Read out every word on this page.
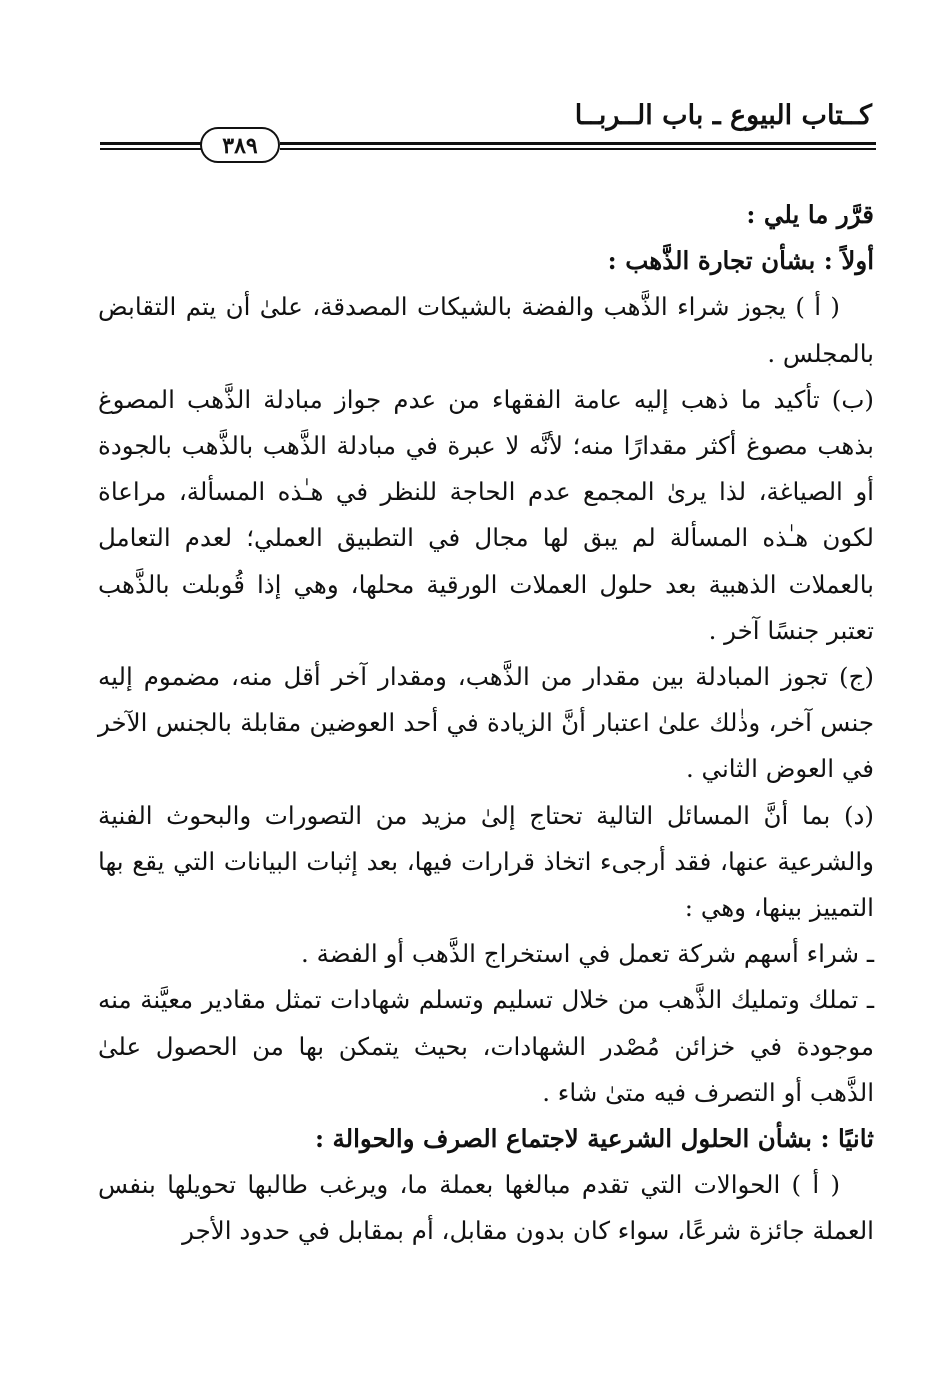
كــتاب البيوع ـ باب الــربــا
٣٨٩

قرَّر ما يلي :

أولاً : بشأن تجارة الذَّهب :

( أ ) يجوز شراء الذَّهب والفضة بالشيكات المصدقة، علىٰ أن يتم التقابض بالمجلس .

(ب) تأكيد ما ذهب إليه عامة الفقهاء من عدم جواز مبادلة الذَّهب المصوغ بذهب مصوغ أكثر مقدارًا منه؛ لأنَّه لا عبرة في مبادلة الذَّهب بالذَّهب بالجودة أو الصياغة، لذا يرىٰ المجمع عدم الحاجة للنظر في هـٰذه المسألة، مراعاة لكون هـٰذه المسألة لم يبق لها مجال في التطبيق العملي؛ لعدم التعامل بالعملات الذهبية بعد حلول العملات الورقية محلها، وهي إذا قُوبلت بالذَّهب تعتبر جنسًا آخر .

(ج) تجوز المبادلة بين مقدار من الذَّهب، ومقدار آخر أقل منه، مضموم إليه جنس آخر، وذٰلك علىٰ اعتبار أنَّ الزيادة في أحد العوضين مقابلة بالجنس الآخر في العوض الثاني .

(د) بما أنَّ المسائل التالية تحتاج إلىٰ مزيد من التصورات والبحوث الفنية والشرعية عنها، فقد أرجىء اتخاذ قرارات فيها، بعد إثبات البيانات التي يقع بها التمييز بينها، وهي :

ـ شراء أسهم شركة تعمل في استخراج الذَّهب أو الفضة .

ـ تملك وتمليك الذَّهب من خلال تسليم وتسلم شهادات تمثل مقادير معيَّنة منه موجودة في خزائن مُصْدر الشهادات، بحيث يتمكن بها من الحصول علىٰ الذَّهب أو التصرف فيه متىٰ شاء .

ثانيًا : بشأن الحلول الشرعية لاجتماع الصرف والحوالة :

( أ ) الحوالات التي تقدم مبالغها بعملة ما، ويرغب طالبها تحويلها بنفس العملة جائزة شرعًا، سواء كان بدون مقابل، أم بمقابل في حدود الأجر
